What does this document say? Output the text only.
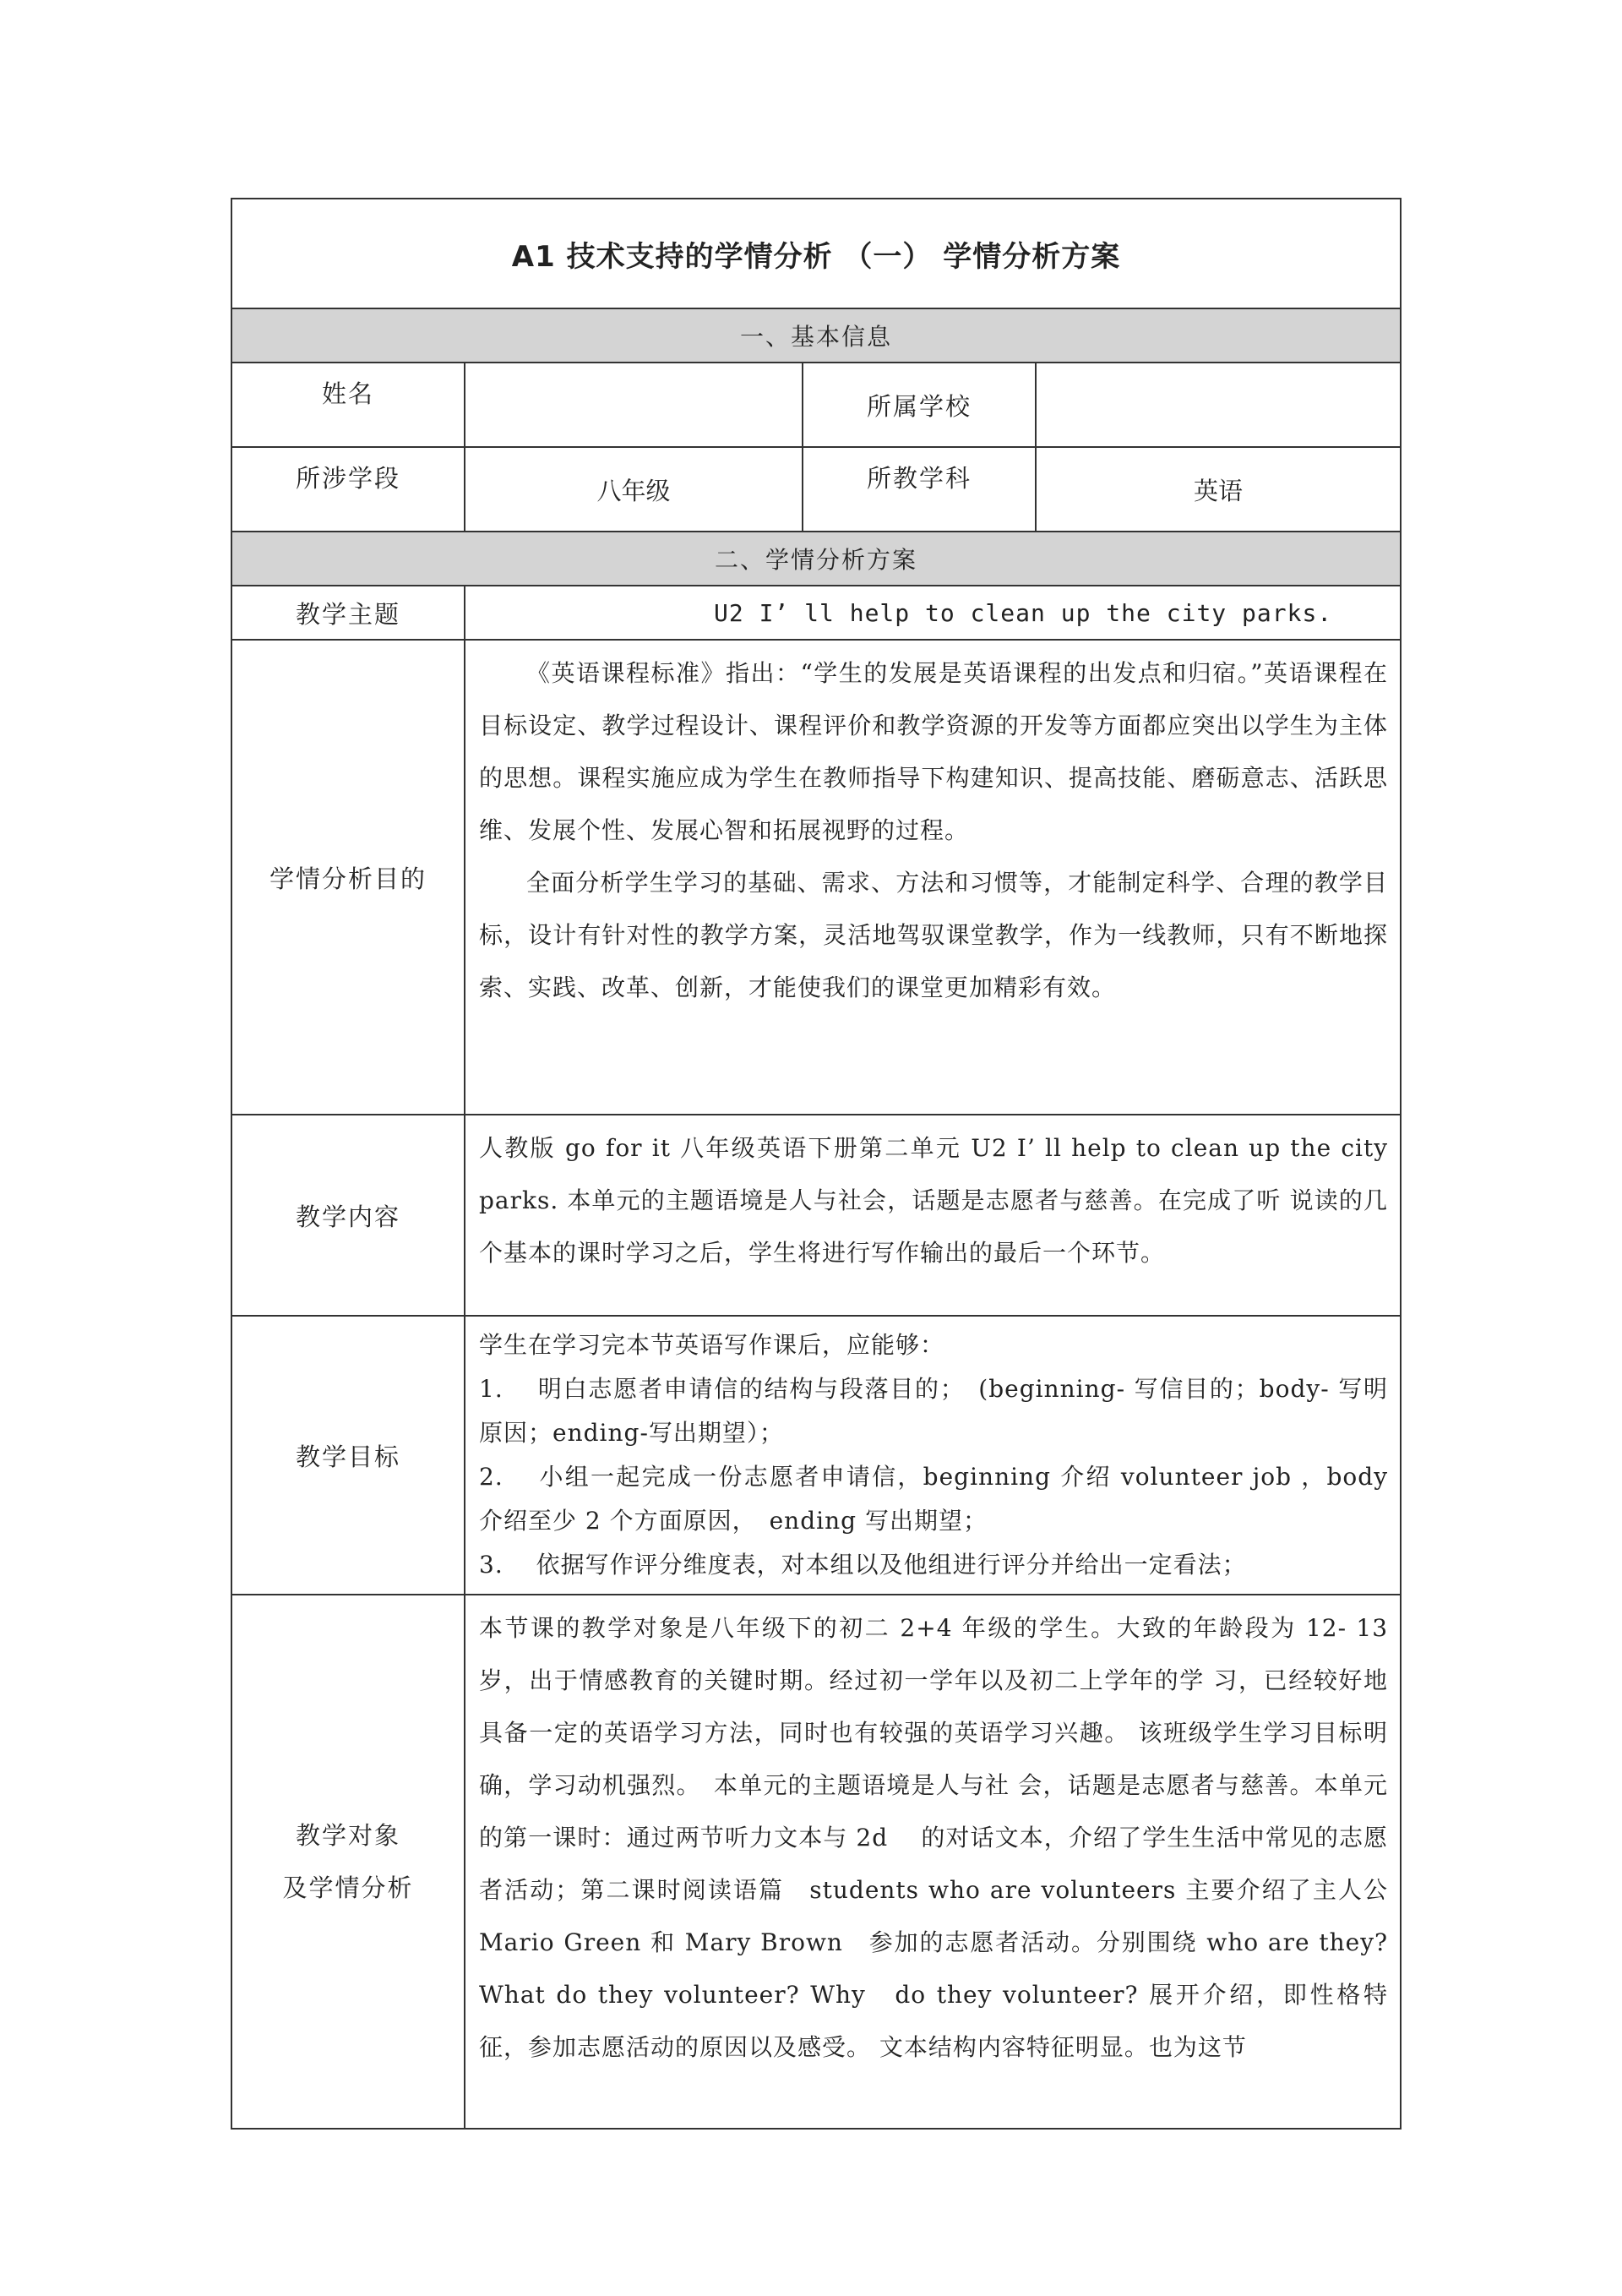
A1 技术支持的学情分析 （一） 学情分析方案			
一、基本信息			
姓名		所属学校	
所涉学段	八年级	所教学科	英语
二、学情分析方案			
教学主题	U2 I’ ll help to clean up the city parks.		
学情分析目的	《英语课程标准》指出：“学生的发展是英语课程的出发点和归宿。”英语课程在目标设定、教学过程设计、课程评价和教学资源的开发等方面都应突出以学生为主体的思想。课程实施应成为学生在教师指导下构建知识、提高技能、磨砺意志、活跃思维、发展个性、发展心智和拓展视野的过程。

全面分析学生学习的基础、需求、方法和习惯等，才能制定科学、合理的教学目标，设计有针对性的教学方案，灵活地驾驭课堂教学，作为一线教师，只有不断地探索、实践、改革、创新，才能使我们的课堂更加精彩有效。		

教学内容	人教版 go for it 八年级英语下册第二单元 U2 I’ ll help to clean up the city parks. 本单元的主题语境是人与社会，话题是志愿者与慈善。在完成了听 说读的几个基本的课时学习之后，学生将进行写作输出的最后一个环节。		
教学目标	学生在学习完本节英语写作课后，应能够：

1.　 明白志愿者申请信的结构与段落目的；　(beginning- 写信目的；body- 写明原因；ending-写出期望）；

2.　 小组一起完成一份志愿者申请信，beginning 介绍 volunteer job ，body 介绍至少 2 个方面原因，　ending 写出期望；

3.　 依据写作评分维度表，对本组以及他组进行评分并给出一定看法；		

教学对象
及学情分析	本节课的教学对象是八年级下的初二 2+4 年级的学生。大致的年龄段为 12- 13 岁，出于情感教育的关键时期。经过初一学年以及初二上学年的学 习，已经较好地具备一定的英语学习方法，同时也有较强的英语学习兴趣。 该班级学生学习目标明确，学习动机强烈。　本单元的主题语境是人与社 会，话题是志愿者与慈善。本单元的第一课时：通过两节听力文本与 2d　 的对话文本，介绍了学生生活中常见的志愿者活动；第二课时阅读语篇　students who are volunteers 主要介绍了主人公 Mario Green 和 Mary Brown　参加的志愿者活动。分别围绕 who are they? What do they volunteer? Why　do they volunteer? 展开介绍，即性格特征，参加志愿活动的原因以及感受。 文本结构内容特征明显。也为这节		
